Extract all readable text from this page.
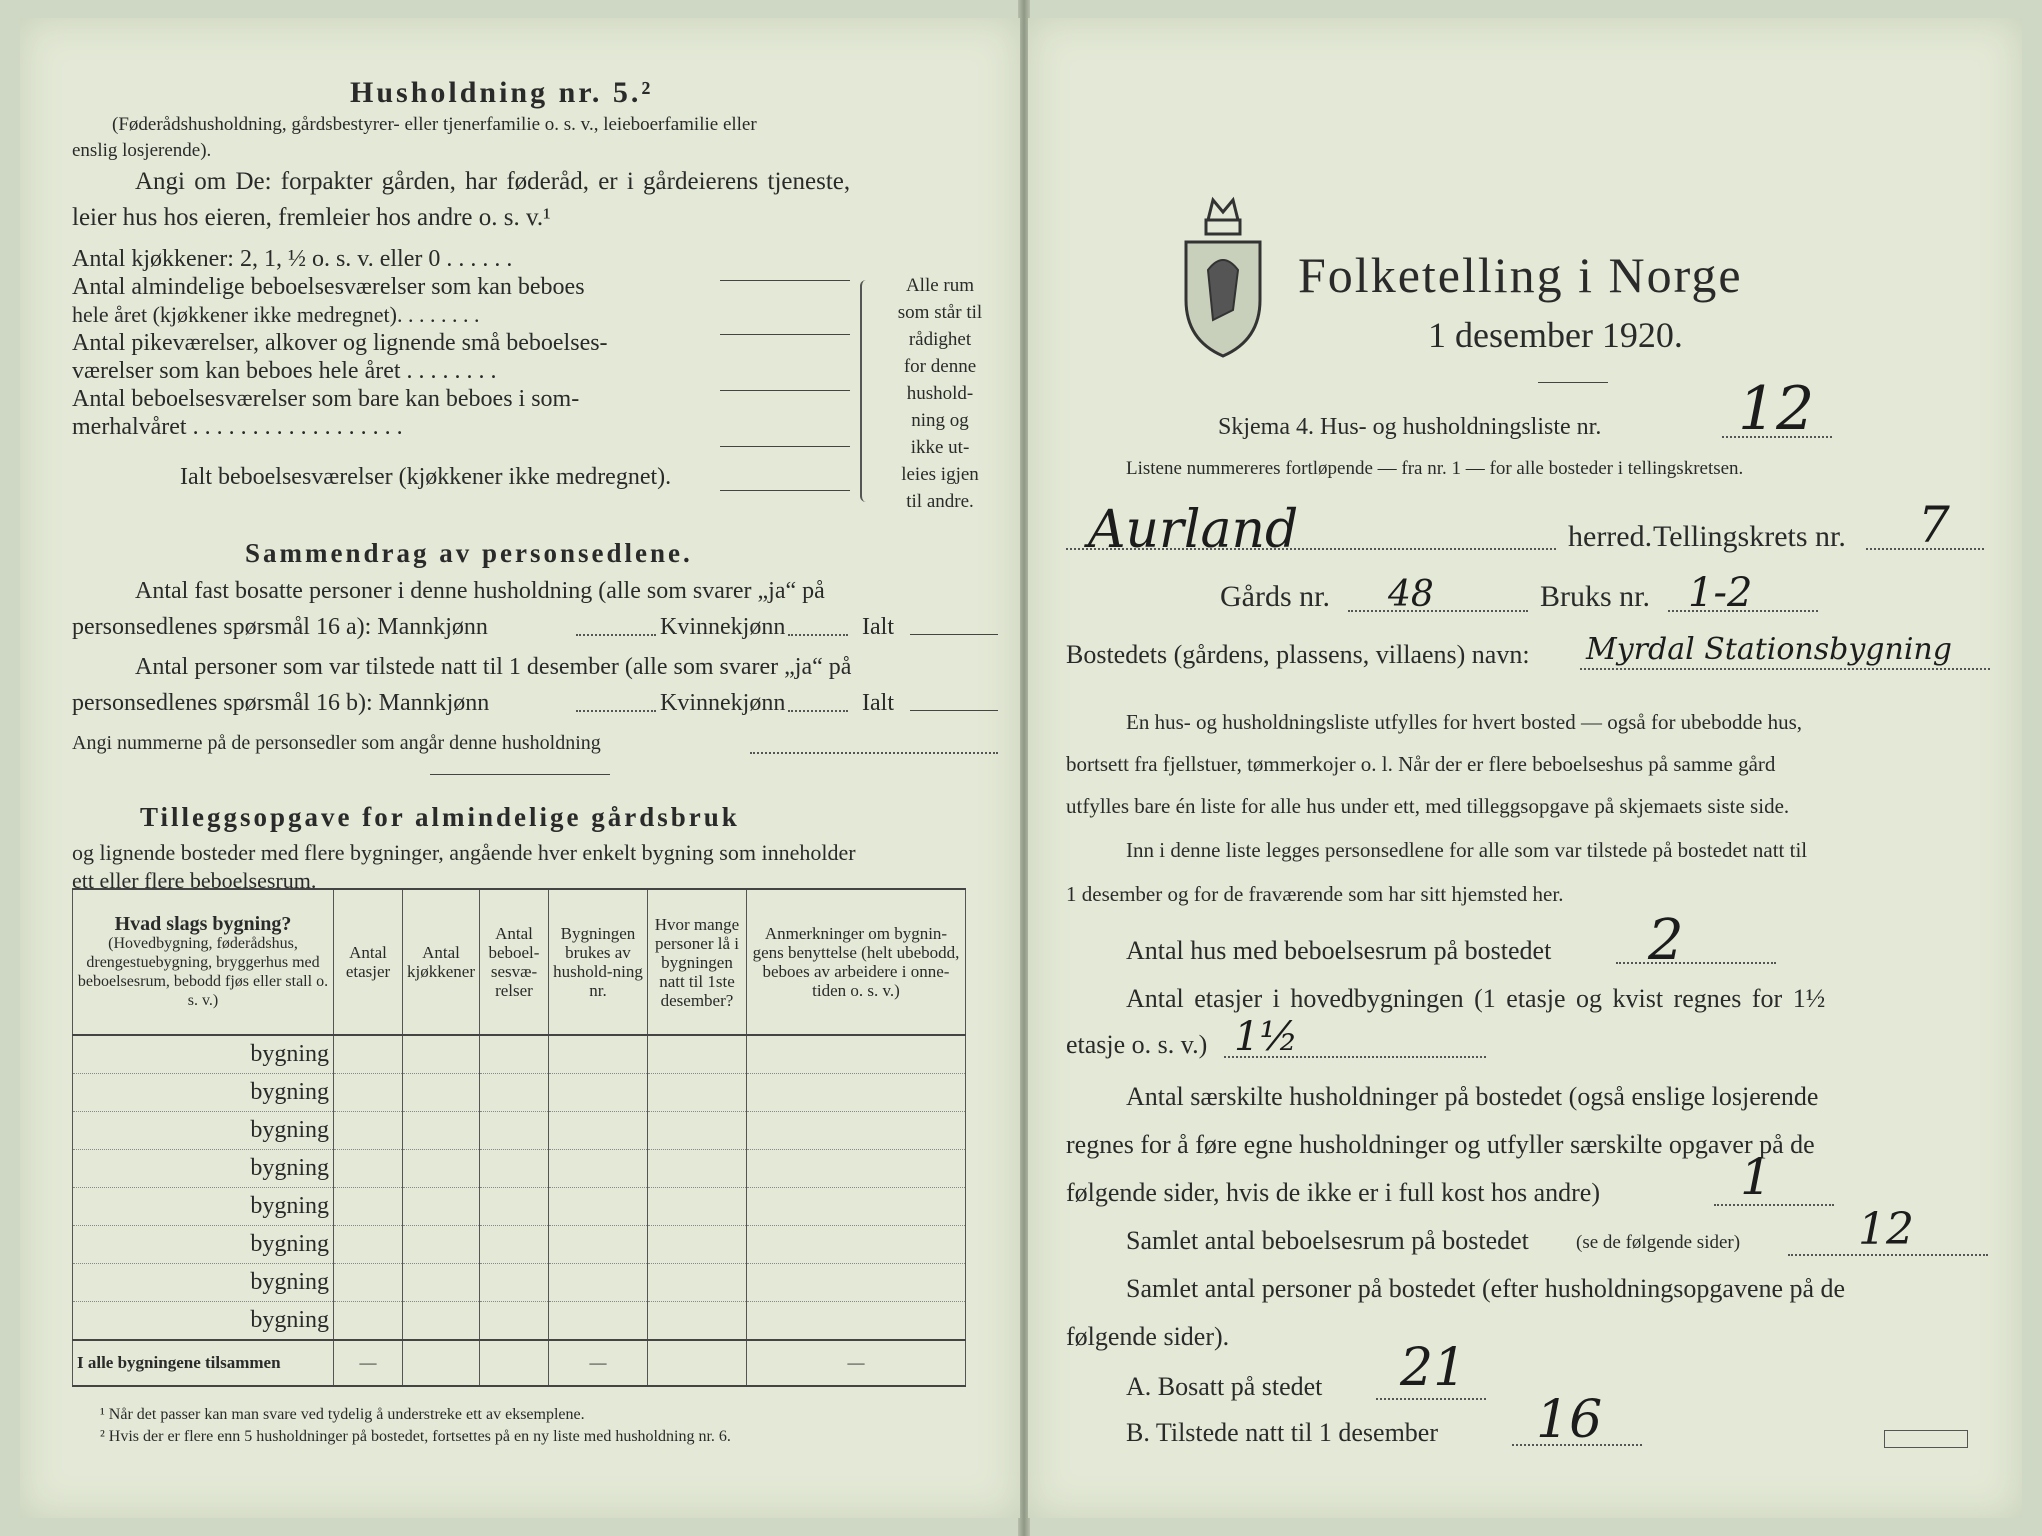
Husholdning nr. 5.²
(Føderådshusholdning, gårdsbestyrer- eller tjenerfamilie o. s. v., leieboerfamilie eller
enslig losjerende).
Angi om De: forpakter gården, har føderåd, er i gårdeierens tjeneste,
leier hus hos eieren, fremleier hos andre o. s. v.¹
Antal kjøkkener: 2, 1, ½ o. s. v. eller 0 . . . . . .
Antal almindelige beboelsesværelser som kan beboes
hele året (kjøkkener ikke medregnet). . . . . . . .
Antal pikeværelser, alkover og lignende små beboelses-
værelser som kan beboes hele året . . . . . . . .
Antal beboelsesværelser som bare kan beboes i som-
merhalvåret . . . . . . . . . . . . . . . . . .
Ialt beboelsesværelser (kjøkkener ikke medregnet).
Alle rum
som står til
rådighet
for denne
hushold-
ning og
ikke ut-
leies igjen
til andre.
Sammendrag av personsedlene.
Antal fast bosatte personer i denne husholdning (alle som svarer „ja“ på
personsedlenes spørsmål 16 a): Mannkjønn	Kvinnekjønn	Ialt
Antal personer som var tilstede natt til 1 desember (alle som svarer „ja“ på
personsedlenes spørsmål 16 b): Mannkjønn	Kvinnekjønn	Ialt
Angi nummerne på de personsedler som angår denne husholdning
Tilleggsopgave for almindelige gårdsbruk
og lignende bosteder med flere bygninger, angående hver enkelt bygning som inneholder
ett eller flere beboelsesrum.
Hvad slags bygning?
(Hovedbygning, føderådshus, drengestuebygning, bryggerhus med beboelsesrum, bebodd fjøs eller stall o. s. v.)	Antal etasjer	Antal kjøkkener	Antal beboel-sesvæ-relser	Bygningen brukes av hushold-ning nr.	Hvor mange personer lå i bygningen natt til 1ste desember?	Anmerkninger om bygnin-gens benyttelse (helt ubebodd, beboes av arbeidere i onne-tiden o. s. v.)
bygning						
bygning						
bygning						
bygning						
bygning						
bygning						
bygning						
bygning						
I alle bygningene tilsammen	—			—		—
¹ Når det passer kan man svare ved tydelig å understreke ett av eksemplene.
² Hvis der er flere enn 5 husholdninger på bostedet, fortsettes på en ny liste med husholdning nr. 6.
Folketelling i Norge
1 desember 1920.
Skjema 4. Hus- og husholdningsliste nr. 12
Listene nummereres fortløpende — fra nr. 1 — for alle bosteder i tellingskretsen.
Aurland	herred. Tellingskrets nr. 7
Gårds nr. 48	Bruks nr. 1-2
Bostedets (gårdens, plassens, villaens) navn: Myrdal Stationsbygning
En hus- og husholdningsliste utfylles for hvert bosted — også for ubebodde hus,
bortsett fra fjellstuer, tømmerkojer o. l. Når der er flere beboelseshus på samme gård
utfylles bare én liste for alle hus under ett, med tilleggsopgave på skjemaets siste side.
Inn i denne liste legges personsedlene for alle som var tilstede på bostedet natt til
1 desember og for de fraværende som har sitt hjemsted her.
Antal hus med beboelsesrum på bostedet 2
Antal etasjer i hovedbygningen (1 etasje og kvist regnes for 1½
etasje o. s. v.) 1½
Antal særskilte husholdninger på bostedet (også enslige losjerende
regnes for å føre egne husholdninger og utfyller særskilte opgaver på de
følgende sider, hvis de ikke er i full kost hos andre)	1
Samlet antal beboelsesrum på bostedet (se de følgende sider)	12
Samlet antal personer på bostedet (efter husholdningsopgavene på de
følgende sider).
A. Bosatt på stedet 21
B. Tilstede natt til 1 desember 16
